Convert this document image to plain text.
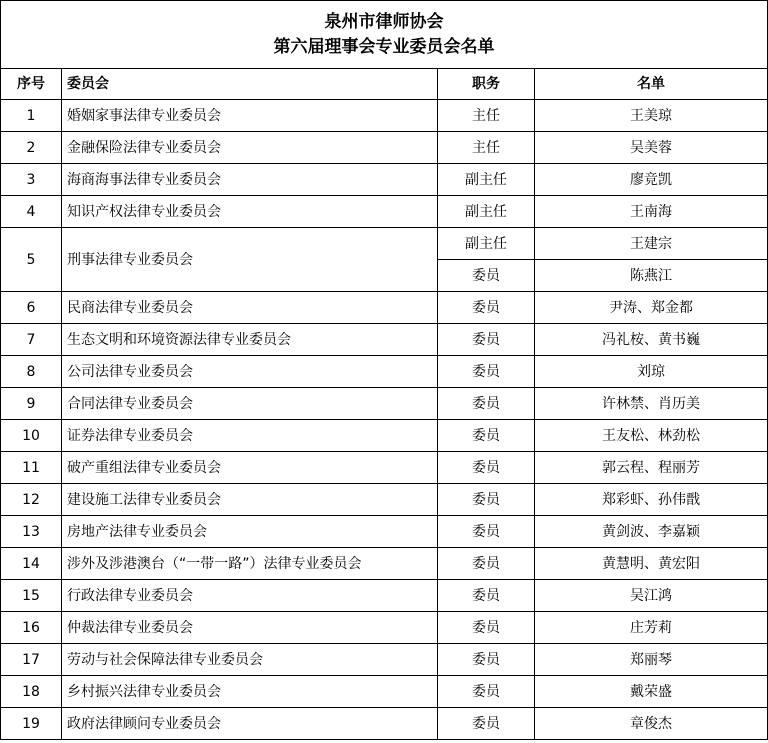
泉州市律师协会
第六届理事会专业委员会名单			

序号	委员会	职务	名单
1	婚姻家事法律专业委员会	主任	王美琼
2	金融保险法律专业委员会	主任	吴美蓉
3	海商海事法律专业委员会	副主任	廖竞凯
4	知识产权法律专业委员会	副主任	王南海
5	刑事法律专业委员会	副主任	王建宗
		委员	陈燕江
6	民商法律专业委员会	委员	尹涛、郑金都
7	生态文明和环境资源法律专业委员会	委员	冯礼桉、黄书巍
8	公司法律专业委员会	委员	刘琼
9	合同法律专业委员会	委员	许林禁、肖历美
10	证券法律专业委员会	委员	王友松、林劲松
11	破产重组法律专业委员会	委员	郭云程、程丽芳
12	建设施工法律专业委员会	委员	郑彩虾、孙伟戬
13	房地产法律专业委员会	委员	黄剑波、李嘉颖
14	涉外及涉港澳台（“一带一路”）法律专业委员会	委员	黄慧明、黄宏阳
15	行政法律专业委员会	委员	吴江鸿
16	仲裁法律专业委员会	委员	庄芳莉
17	劳动与社会保障法律专业委员会	委员	郑丽琴
18	乡村振兴法律专业委员会	委员	戴荣盛
19	政府法律顾问专业委员会	委员	章俊杰
